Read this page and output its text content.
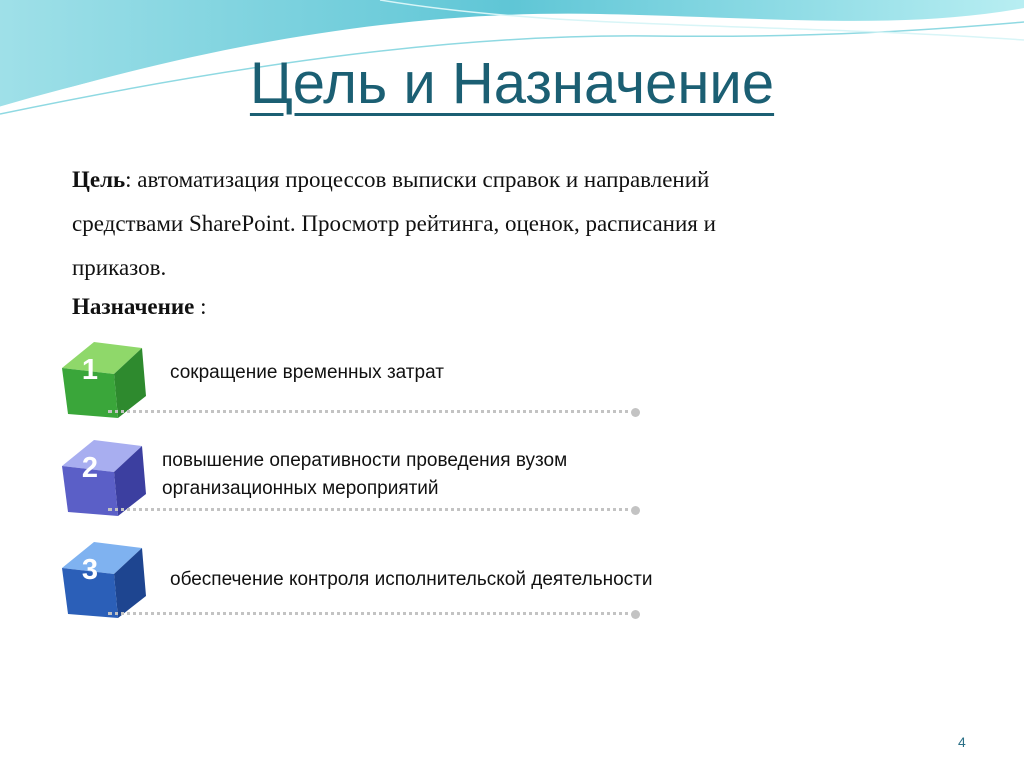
Цель и Назначение
Цель: автоматизация процессов выписки справок и направлений
средствами SharePoint. Просмотр рейтинга, оценок, расписания и
приказов.
Назначение :
1	сокращение временных затрат
2	повышение оперативности проведения вузом
организационных мероприятий
3	обеспечение контроля исполнительской деятельности
4
